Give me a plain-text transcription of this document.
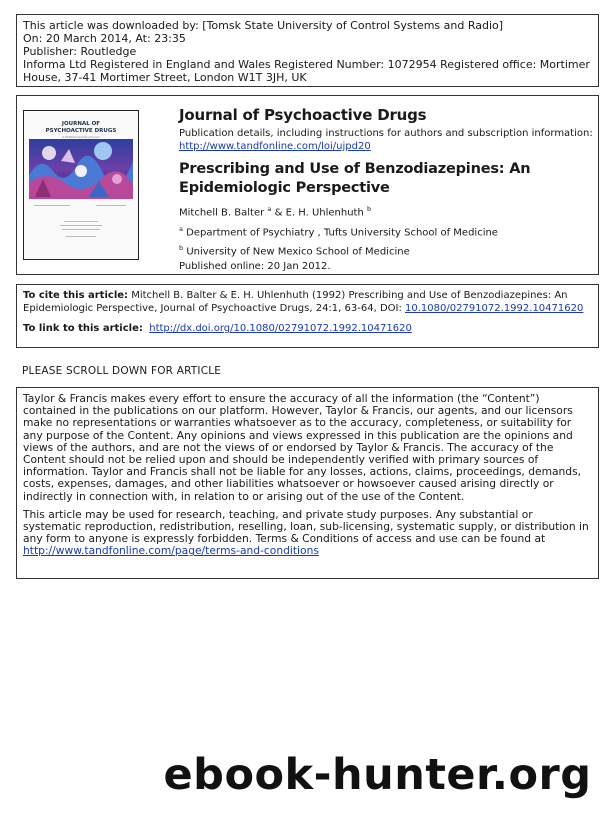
This article was downloaded by: [Tomsk State University of Control Systems and Radio]
On: 20 March 2014, At: 23:35
Publisher: Routledge
Informa Ltd Registered in England and Wales Registered Number: 1072954 Registered office: Mortimer
House, 37-41 Mortimer Street, London W1T 3JH, UK
JOURNAL OF
PSYCHOACTIVE DRUGS
A Multidisciplinary Forum
Journal of Psychoactive Drugs
Publication details, including instructions for authors and subscription information:
http://www.tandfonline.com/loi/ujpd20
Prescribing and Use of Benzodiazepines: An
Epidemiologic Perspective
Mitchell B. Balter $^a$ & E. H. Uhlenhuth $^b$
$^a$ Department of Psychiatry , Tufts University School of Medicine
$^b$ University of New Mexico School of Medicine
Published online: 20 Jan 2012.

To cite this article: Mitchell B. Balter & E. H. Uhlenhuth (1992) Prescribing and Use of Benzodiazepines: An Epidemiologic Perspective, Journal of Psychoactive Drugs, 24:1, 63-64, DOI: 10.1080/02791072.1992.10471620

To link to this article: http://dx.doi.org/10.1080/02791072.1992.10471620

PLEASE SCROLL DOWN FOR ARTICLE

Taylor & Francis makes every effort to ensure the accuracy of all the information (the “Content”) contained in the publications on our platform. However, Taylor & Francis, our agents, and our licensors make no representations or warranties whatsoever as to the accuracy, completeness, or suitability for any purpose of the Content. Any opinions and views expressed in this publication are the opinions and views of the authors, and are not the views of or endorsed by Taylor & Francis. The accuracy of the Content should not be relied upon and should be independently verified with primary sources of information. Taylor and Francis shall not be liable for any losses, actions, claims, proceedings, demands, costs, expenses, damages, and other liabilities whatsoever or howsoever caused arising directly or indirectly in connection with, in relation to or arising out of the use of the Content.

This article may be used for research, teaching, and private study purposes. Any substantial or systematic reproduction, redistribution, reselling, loan, sub-licensing, systematic supply, or distribution in any form to anyone is expressly forbidden. Terms & Conditions of access and use can be found at http://www.tandfonline.com/page/terms-and-conditions

ebook-hunter.org
